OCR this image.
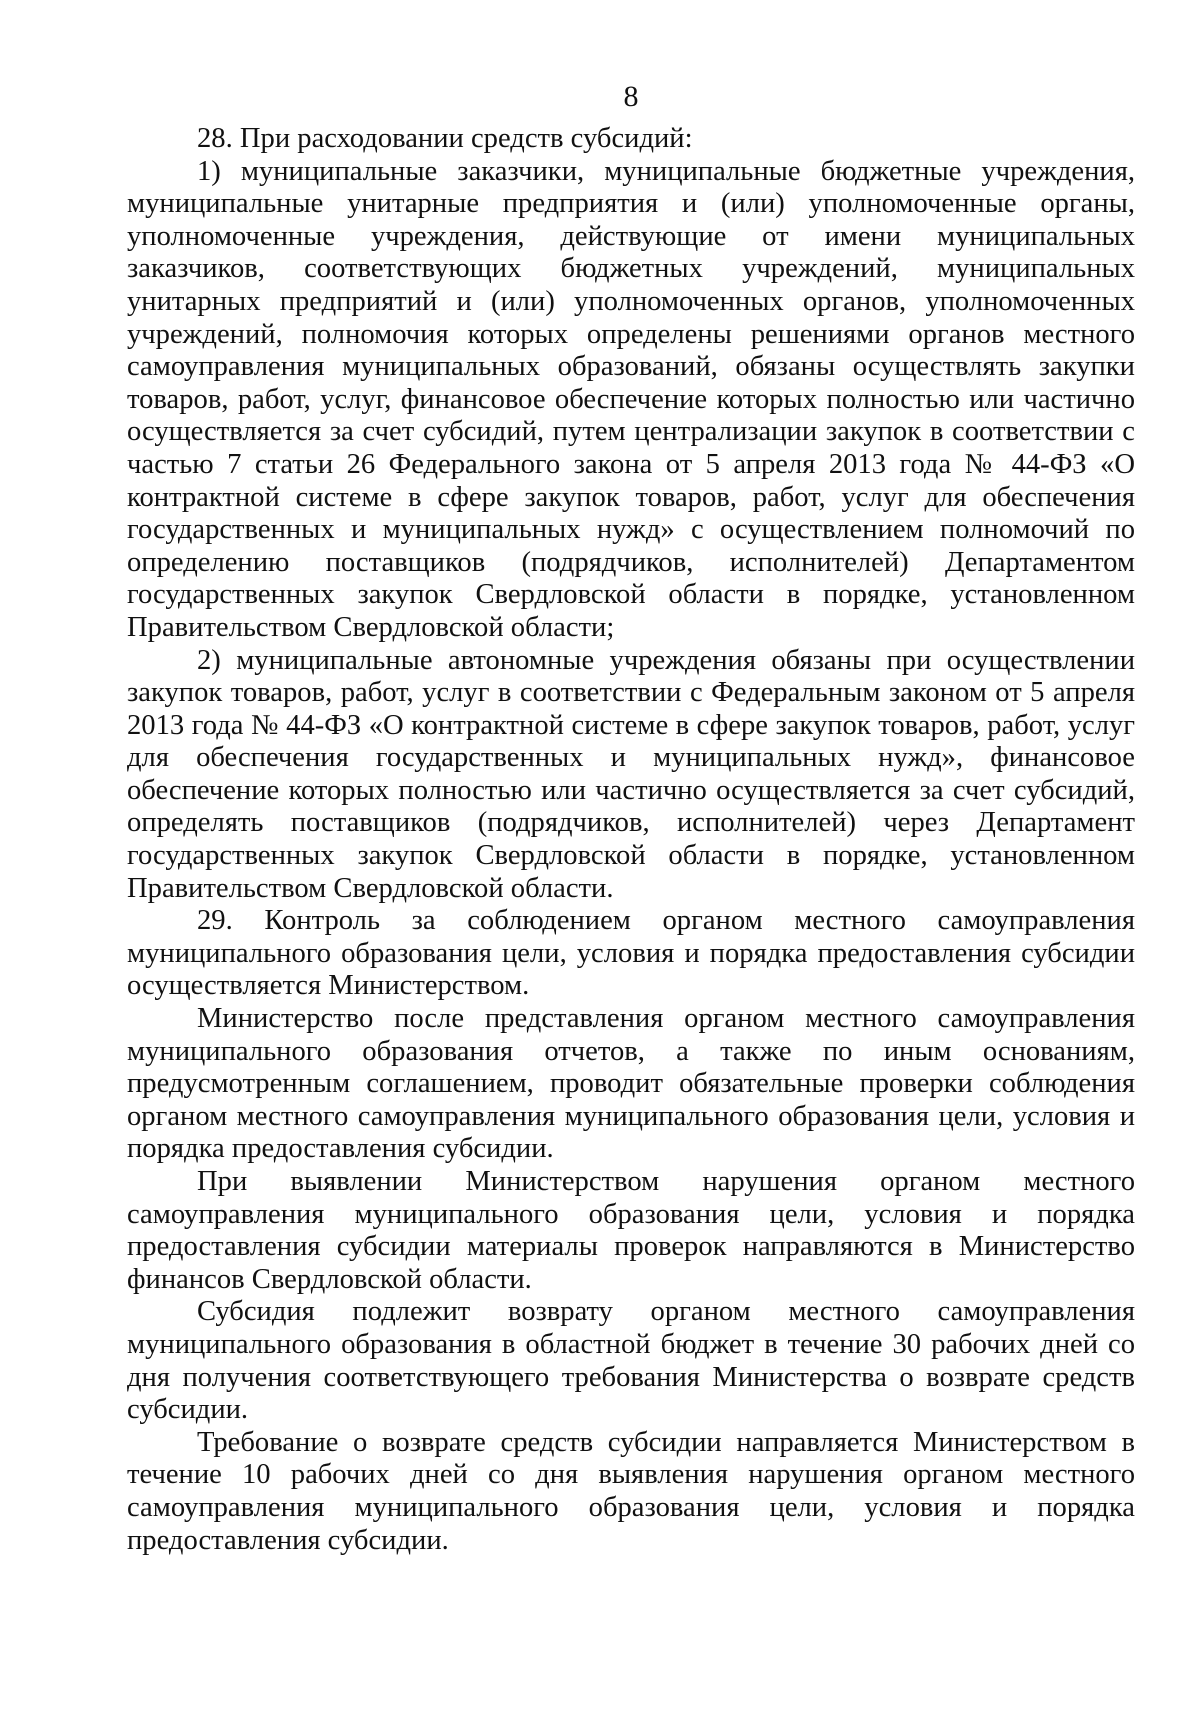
8

28. При расходовании средств субсидий:

1) муниципальные заказчики, муниципальные бюджетные учреждения, муниципальные унитарные предприятия и (или) уполномоченные органы, уполномоченные учреждения, действующие от имени муниципальных заказчиков, соответствующих бюджетных учреждений, муниципальных унитарных предприятий и (или) уполномоченных органов, уполномоченных учреждений, полномочия которых определены решениями органов местного самоуправления муниципальных образований, обязаны осуществлять закупки товаров, работ, услуг, финансовое обеспечение которых полностью или частично осуществляется за счет субсидий, путем централизации закупок в соответствии с частью 7 статьи 26 Федерального закона от 5 апреля 2013 года № 44-ФЗ «О контрактной системе в сфере закупок товаров, работ, услуг для обеспечения государственных и муниципальных нужд» с осуществлением полномочий по определению поставщиков (подрядчиков, исполнителей) Департаментом государственных закупок Свердловской области в порядке, установленном Правительством Свердловской области;

2) муниципальные автономные учреждения обязаны при осуществлении закупок товаров, работ, услуг в соответствии с Федеральным законом от 5 апреля 2013 года № 44-ФЗ «О контрактной системе в сфере закупок товаров, работ, услуг для обеспечения государственных и муниципальных нужд», финансовое обеспечение которых полностью или частично осуществляется за счет субсидий, определять поставщиков (подрядчиков, исполнителей) через Департамент государственных закупок Свердловской области в порядке, установленном Правительством Свердловской области.

29. Контроль за соблюдением органом местного самоуправления муниципального образования цели, условия и порядка предоставления субсидии осуществляется Министерством.

Министерство после представления органом местного самоуправления муниципального образования отчетов, а также по иным основаниям, предусмотренным соглашением, проводит обязательные проверки соблюдения органом местного самоуправления муниципального образования цели, условия и порядка предоставления субсидии.

При выявлении Министерством нарушения органом местного самоуправления муниципального образования цели, условия и порядка предоставления субсидии материалы проверок направляются в Министерство финансов Свердловской области.

Субсидия подлежит возврату органом местного самоуправления муниципального образования в областной бюджет в течение 30 рабочих дней со дня получения соответствующего требования Министерства о возврате средств субсидии.

Требование о возврате средств субсидии направляется Министерством в течение 10 рабочих дней со дня выявления нарушения органом местного самоуправления муниципального образования цели, условия и порядка предоставления субсидии.
